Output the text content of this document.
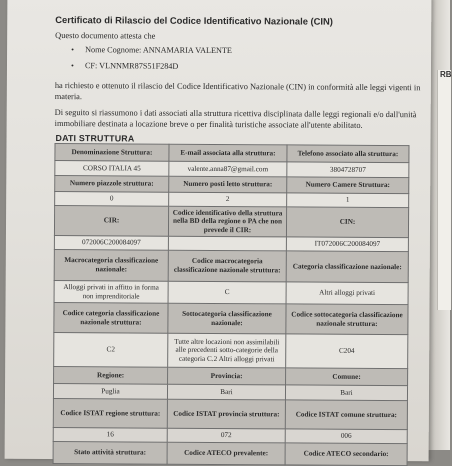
RB
Certificato di Rilascio del Codice Identificativo Nazionale (CIN)
Questo documento attesta che
• Nome Cognome: ANNAMARIA VALENTE
• CF: VLNNMR87S51F284D
ha richiesto e ottenuto il rilascio del Codice Identificativo Nazionale (CIN) in conformità alle leggi vigenti in
materia.
Di seguito si riassumono i dati associati alla struttura ricettiva disciplinata dalle leggi regionali e/o dall'unità
immobiliare destinata a locazione breve o per finalità turistiche associate all'utente abilitato.
DATI STRUTTURA
Denominazione Struttura:	E-mail associata alla struttura:	Telefono associato alla struttura:
CORSO ITALIA 45	valente.anna87@gmail.com	3804728707
Numero piazzole struttura:	Numero posti letto struttura:	Numero Camere Struttura:
0	2	1
CIR:	Codice identificativo della struttura nella BD della regione o PA che non prevede il CIR:	CIN:
072006C200084097		IT072006C200084097
Macrocategoria classificazione nazionale:	Codice macrocategoria classificazione nazionale struttura:	Categoria classificazione nazionale:
Alloggi privati in affitto in forma non imprenditoriale	C	Altri alloggi privati
Codice categoria classificazione nazionale struttura:	Sottocategoria classificazione nazionale:	Codice sottocategoria classificazione nazionale struttura:
C2	Tutte altre locazioni non assimilabili alle precedenti sotto-categorie della categoria C.2 Altri alloggi privati	C204
Regione:	Provincia:	Comune:
Puglia	Bari	Bari
Codice ISTAT regione struttura:	Codice ISTAT provincia struttura:	Codice ISTAT comune struttura:
16	072	006
Stato attività struttura:	Codice ATECO prevalente:	Codice ATECO secondario:
